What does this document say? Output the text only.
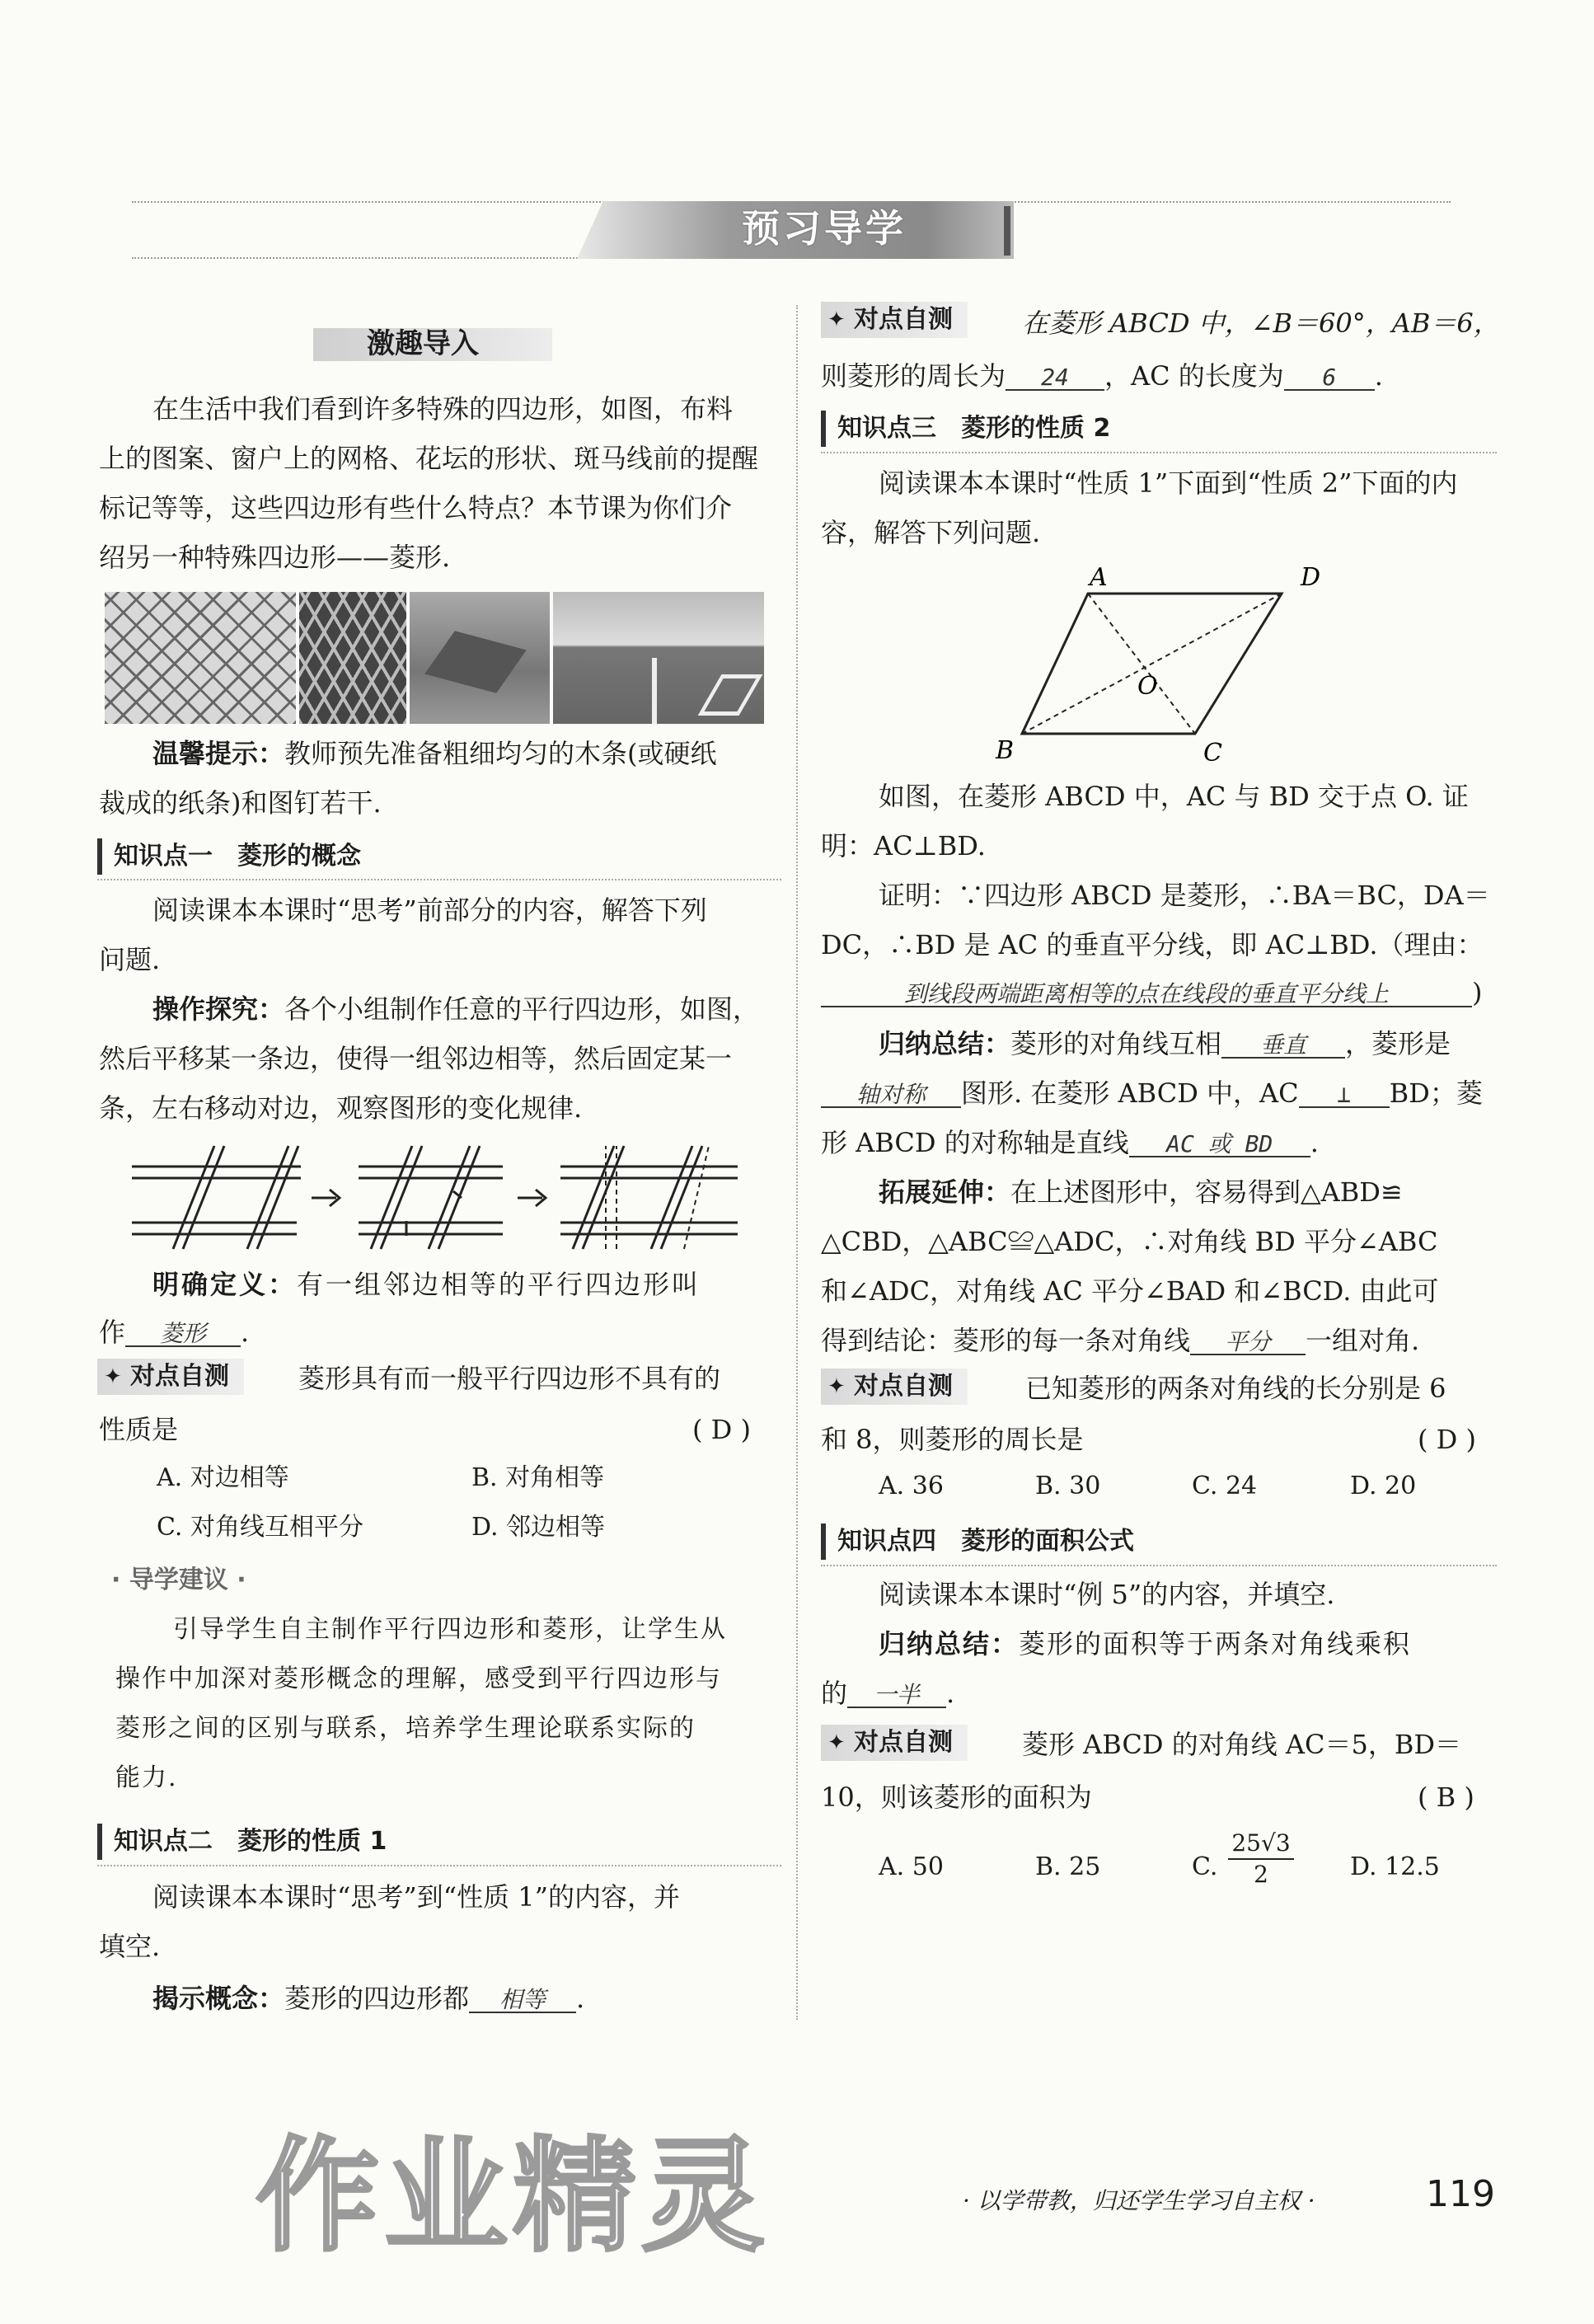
预习导学
激趣导入
在生活中我们看到许多特殊的四边形，如图，布料
上的图案、窗户上的网格、花坛的形状、斑马线前的提醒
标记等等，这些四边形有些什么特点？本节课为你们介
绍另一种特殊四边形——菱形.
温馨提示：教师预先准备粗细均匀的木条(或硬纸
裁成的纸条)和图钉若干.
知识点一　菱形的概念
阅读课本本课时“思考”前部分的内容，解答下列
问题.
操作探究：各个小组制作任意的平行四边形，如图，
然后平移某一条边，使得一组邻边相等，然后固定某一
条，左右移动对边，观察图形的变化规律.
明确定义：有一组邻边相等的平行四边形叫
作 菱形 .
✦ 对点自测	菱形具有而一般平行四边形不具有的
性质是	( D )
A. 对边相等	B. 对角相等
C. 对角线互相平分	D. 邻边相等
· 导学建议 ·
引导学生自主制作平行四边形和菱形，让学生从
操作中加深对菱形概念的理解，感受到平行四边形与
菱形之间的区别与联系，培养学生理论联系实际的
能力.
知识点二　菱形的性质 1
阅读课本本课时“思考”到“性质 1”的内容，并
填空.
揭示概念：菱形的四边形都 相等 .
✦ 对点自测	在菱形 ABCD 中，∠B＝60°，AB＝6，
则菱形的周长为 24 ，AC 的长度为 6 .
知识点三　菱形的性质 2
阅读课本本课时“性质 1”下面到“性质 2”下面的内
容，解答下列问题.
A	D
B	C
O
如图，在菱形 ABCD 中，AC 与 BD 交于点 O. 证
明：AC⊥BD.
证明：∵四边形 ABCD 是菱形，∴BA＝BC，DA＝
DC，∴BD 是 AC 的垂直平分线，即 AC⊥BD.（理由：
到线段两端距离相等的点在线段的垂直平分线上	)
归纳总结：菱形的对角线互相 垂直 ，菱形是
轴对称 图形. 在菱形 ABCD 中，AC ⊥ BD；菱
形 ABCD 的对称轴是直线 AC 或 BD .
拓展延伸：在上述图形中，容易得到△ABD≌
△CBD，△ABC≌△ADC，∴对角线 BD 平分∠ABC
和∠ADC，对角线 AC 平分∠BAD 和∠BCD. 由此可
得到结论：菱形的每一条对角线 平分 一组对角.
✦ 对点自测	已知菱形的两条对角线的长分别是 6
和 8，则菱形的周长是	( D )
A. 36	B. 30	C. 24	D. 20
知识点四　菱形的面积公式
阅读课本本课时“例 5”的内容，并填空.
归纳总结：菱形的面积等于两条对角线乘积
的 一半 .
✦ 对点自测	菱形 ABCD 的对角线 AC＝5，BD＝
10，则该菱形的面积为	( B )
A. 50	B. 25	C. $\frac{25√3}{2} D$. 12.5
作业精灵	· 以学带教，归还学生学习自主权 ·	119
